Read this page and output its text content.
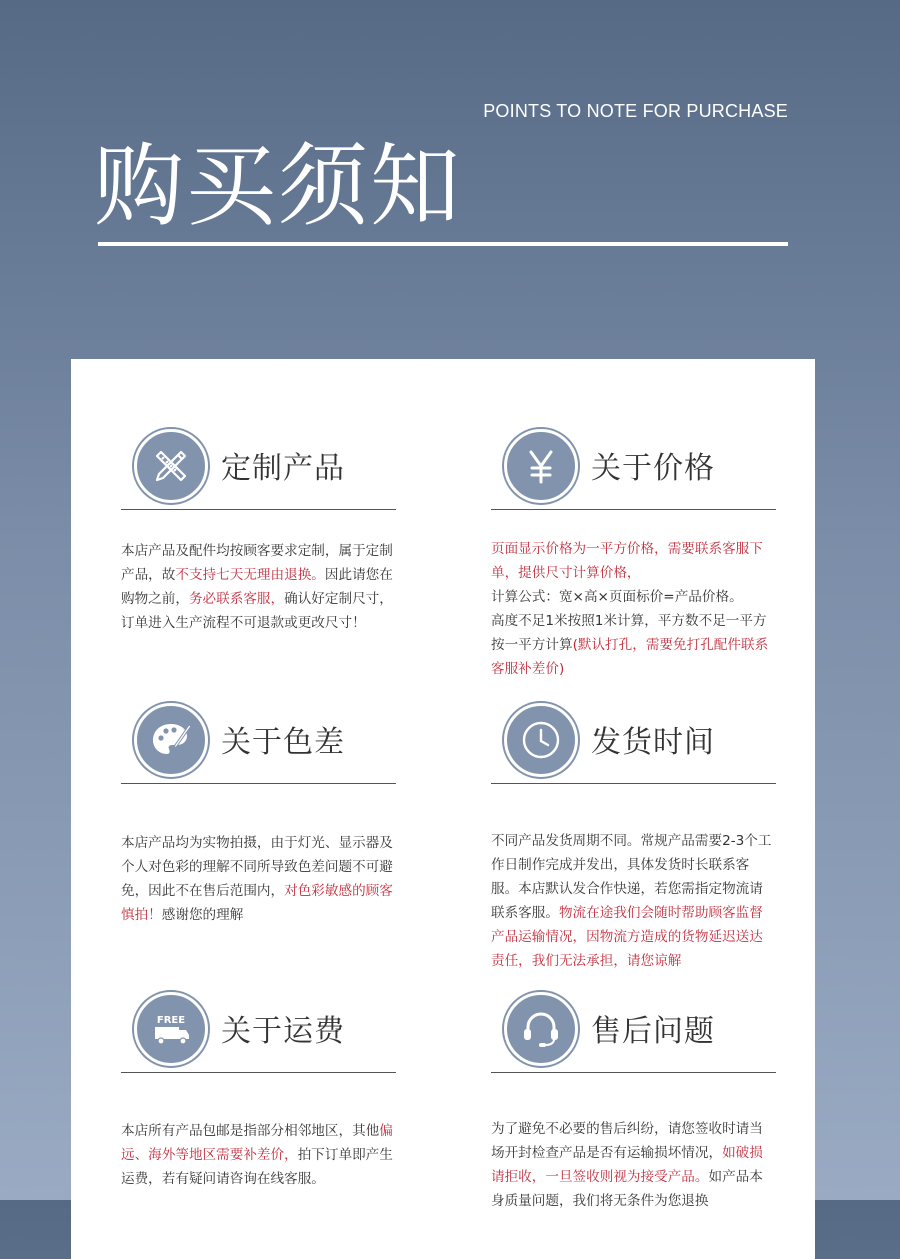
POINTS TO NOTE FOR PURCHASE
购买须知
定制产品
本店产品及配件均按顾客要求定制，属于定制产品，故不支持七天无理由退换。因此请您在购物之前，务必联系客服，确认好定制尺寸，订单进入生产流程不可退款或更改尺寸！
关于价格
页面显示价格为一平方价格，需要联系客服下单，提供尺寸计算价格，
计算公式：宽×高×页面标价=产品价格。
高度不足1米按照1米计算，平方数不足一平方按一平方计算(默认打孔，需要免打孔配件联系客服补差价)
关于色差
本店产品均为实物拍摄，由于灯光、显示器及个人对色彩的理解不同所导致色差问题不可避免，因此不在售后范围内，对色彩敏感的顾客慎拍！感谢您的理解
发货时间
不同产品发货周期不同。常规产品需要2-3个工作日制作完成并发出，具体发货时长联系客服。本店默认发合作快递，若您需指定物流请联系客服。物流在途我们会随时帮助顾客监督产品运输情况，因物流方造成的货物延迟送达责任，我们无法承担，请您谅解
FREE 关于运费
本店所有产品包邮是指部分相邻地区，其他偏远、海外等地区需要补差价，拍下订单即产生运费，若有疑问请咨询在线客服。
售后问题
为了避免不必要的售后纠纷，请您签收时请当场开封检查产品是否有运输损坏情况，如破损请拒收，一旦签收则视为接受产品。如产品本身质量问题，我们将无条件为您退换
